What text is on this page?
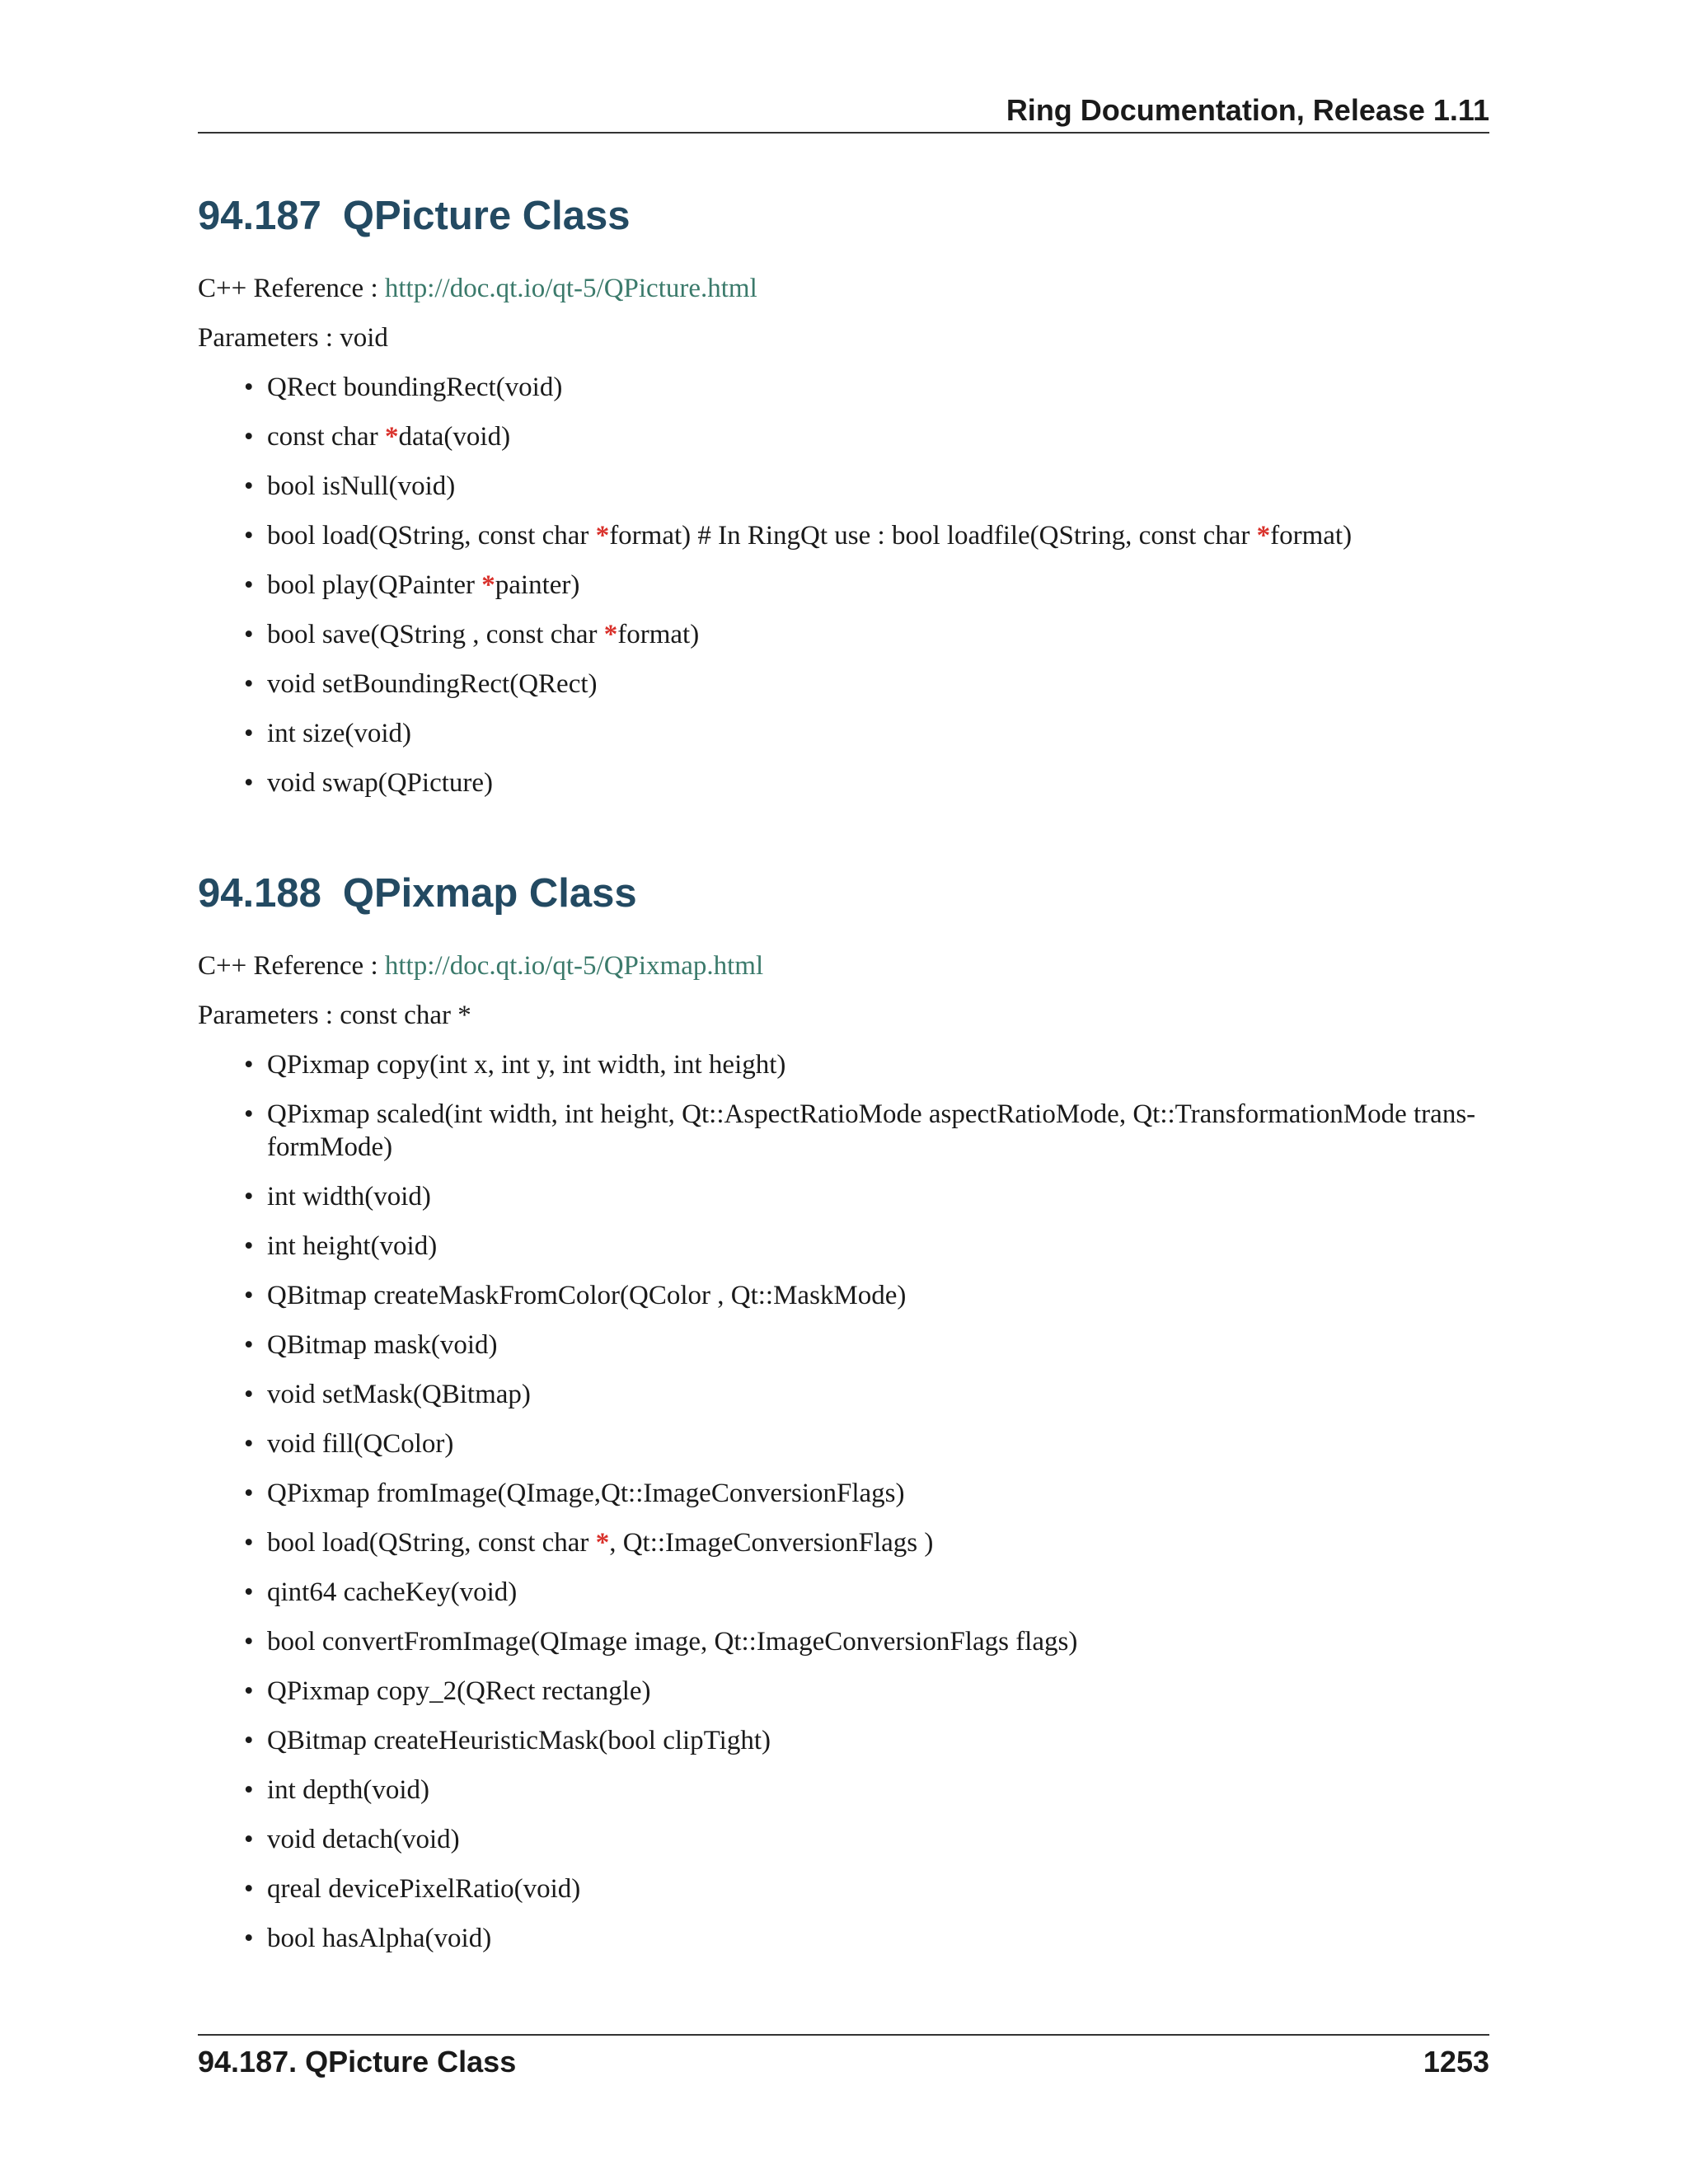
Ring Documentation, Release 1.11
94.187 QPicture Class

C++ Reference : http://doc.qt.io/qt-5/QPicture.html

Parameters : void

• QRect boundingRect(void)
• const char *data(void)
• bool isNull(void)
• bool load(QString, const char *format) # In RingQt use : bool loadfile(QString, const char *format)
• bool play(QPainter *painter)
• bool save(QString , const char *format)
• void setBoundingRect(QRect)
• int size(void)
• void swap(QPicture)
94.188 QPixmap Class

C++ Reference : http://doc.qt.io/qt-5/QPixmap.html

Parameters : const char *

• QPixmap copy(int x, int y, int width, int height)
• QPixmap scaled(int width, int height, Qt::AspectRatioMode aspectRatioMode, Qt::TransformationMode trans- formMode)
• int width(void)
• int height(void)
• QBitmap createMaskFromColor(QColor , Qt::MaskMode)
• QBitmap mask(void)
• void setMask(QBitmap)
• void fill(QColor)
• QPixmap fromImage(QImage,Qt::ImageConversionFlags)
• bool load(QString, const char *, Qt::ImageConversionFlags )
• qint64 cacheKey(void)
• bool convertFromImage(QImage image, Qt::ImageConversionFlags flags)
• QPixmap copy_2(QRect rectangle)
• QBitmap createHeuristicMask(bool clipTight)
• int depth(void)
• void detach(void)
• qreal devicePixelRatio(void)
• bool hasAlpha(void)
94.187. QPicture Class	1253
